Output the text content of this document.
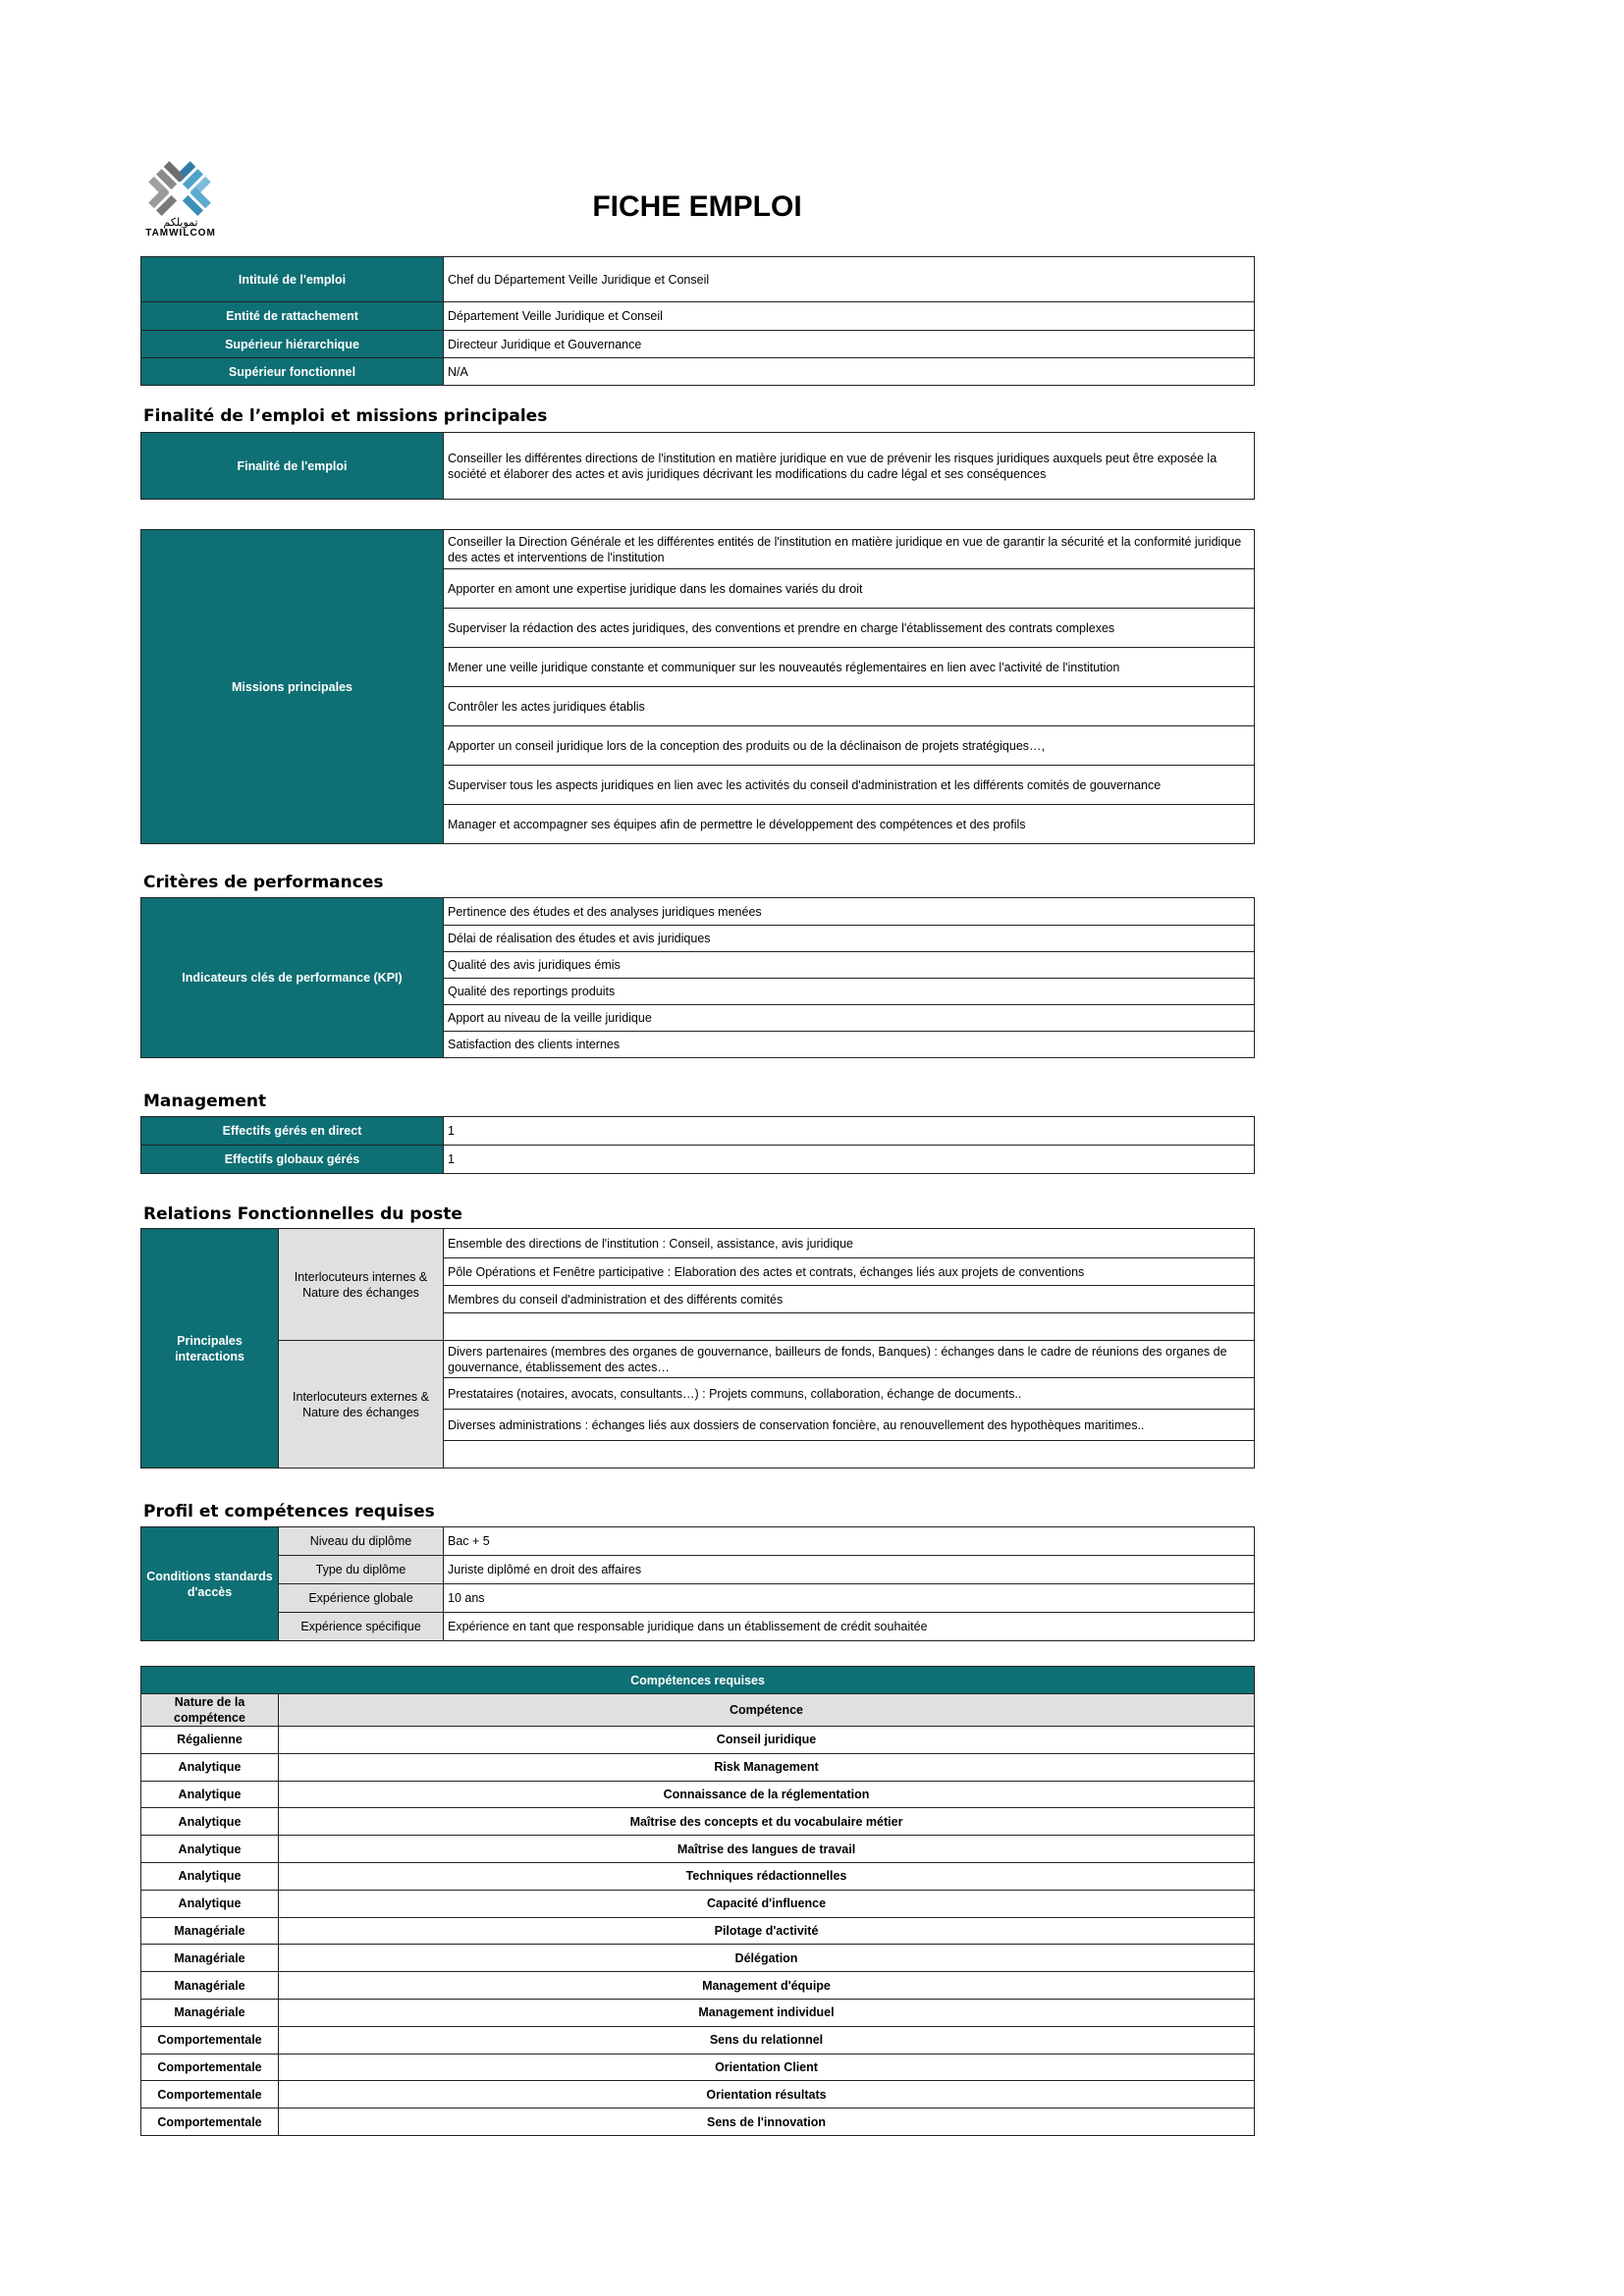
تمويلكم
TAMWILCOM
FICHE EMPLOI
Intitulé de l'emploi	Chef du Département Veille Juridique et Conseil
Entité de rattachement	Département Veille Juridique et Conseil
Supérieur hiérarchique	Directeur Juridique et Gouvernance
Supérieur fonctionnel	N/A
Finalité de l’emploi et missions principales
Finalité de l'emploi	Conseiller les différentes directions de l'institution en matière juridique en vue de prévenir les risques juridiques auxquels peut être exposée la société et élaborer des actes et avis juridiques décrivant les modifications du cadre légal et ses conséquences
Missions principales	Conseiller la Direction Générale et les différentes entités de l'institution en matière juridique en vue de garantir la sécurité et la conformité juridique des actes et interventions de l'institution
Apporter en amont une expertise juridique dans les domaines variés du droit
Superviser la rédaction des actes juridiques, des conventions et prendre en charge l'établissement des contrats complexes
Mener une veille juridique constante et communiquer sur les nouveautés réglementaires en lien avec l'activité de l'institution
Contrôler les actes juridiques établis
Apporter un conseil juridique lors de la conception des produits ou de la déclinaison de projets stratégiques…,
Superviser tous les aspects juridiques en lien avec les activités du conseil d'administration et les différents comités de gouvernance
Manager et accompagner ses équipes afin de permettre le développement des compétences et des profils
Critères de performances
Indicateurs clés de performance (KPI)	Pertinence des études et des analyses juridiques menées
Délai de réalisation des études et avis juridiques
Qualité des avis juridiques émis
Qualité des reportings produits
Apport au niveau de la veille juridique
Satisfaction des clients internes
Management
Effectifs gérés en direct	1
Effectifs globaux gérés	1
Relations Fonctionnelles du poste
Principales interactions	Interlocuteurs internes & Nature des échanges	Ensemble des directions de l'institution : Conseil, assistance, avis juridique
		Pôle Opérations et Fenêtre participative : Elaboration des actes et contrats, échanges liés aux projets de conventions
		Membres du conseil d'administration et des différents comités

	Interlocuteurs externes & Nature des échanges	Divers partenaires (membres des organes de gouvernance, bailleurs de fonds, Banques) : échanges dans le cadre de réunions des organes de gouvernance, établissement des actes…
		Prestataires (notaires, avocats, consultants…) : Projets communs, collaboration, échange de documents..
		Diverses administrations : échanges liés aux dossiers de conservation foncière, au renouvellement des hypothèques maritimes..

Profil et compétences requises
Conditions standards d'accès	Niveau du diplôme	Bac + 5
	Type du diplôme	Juriste diplômé en droit des affaires
	Expérience globale	10 ans
	Expérience spécifique	Expérience en tant que responsable juridique dans un établissement de crédit souhaitée
Compétences requises	
Nature de la compétence	Compétence
Régalienne	Conseil juridique
Analytique	Risk Management
Analytique	Connaissance de la réglementation
Analytique	Maîtrise des concepts et du vocabulaire métier
Analytique	Maîtrise des langues de travail
Analytique	Techniques rédactionnelles
Analytique	Capacité d'influence
Managériale	Pilotage d'activité
Managériale	Délégation
Managériale	Management d'équipe
Managériale	Management individuel
Comportementale	Sens du relationnel
Comportementale	Orientation Client
Comportementale	Orientation résultats
Comportementale	Sens de l'innovation
